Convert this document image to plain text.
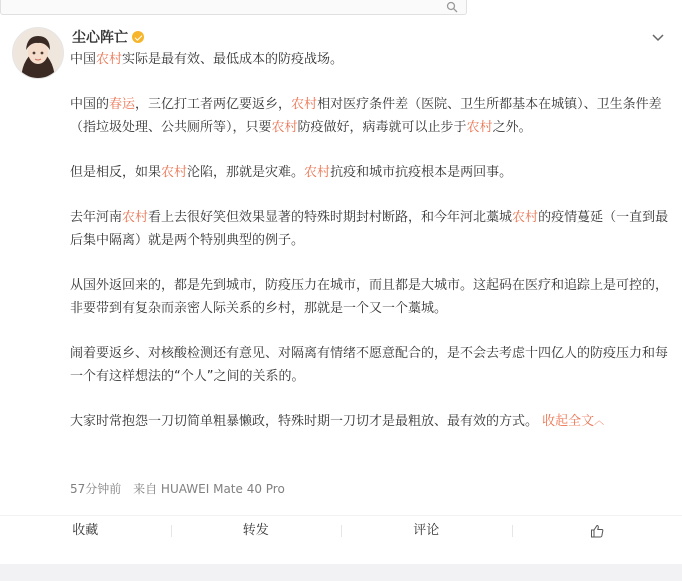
尘心阵亡

中国农村实际是最有效、最低成本的防疫战场。

中国的春运，三亿打工者两亿要返乡，农村相对医疗条件差（医院、卫生所都基本在城镇）、卫生条件差（指垃圾处理、公共厕所等），只要农村防疫做好，病毒就可以止步于农村之外。

但是相反，如果农村沦陷，那就是灾难。农村抗疫和城市抗疫根本是两回事。

去年河南农村看上去很好笑但效果显著的特殊时期封村断路，和今年河北藁城农村的疫情蔓延（一直到最后集中隔离）就是两个特别典型的例子。

从国外返回来的，都是先到城市，防疫压力在城市，而且都是大城市。这起码在医疗和追踪上是可控的，非要带到有复杂而亲密人际关系的乡村，那就是一个又一个藁城。

闹着要返乡、对核酸检测还有意见、对隔离有情绪不愿意配合的，是不会去考虑十四亿人的防疫压力和每一个有这样想法的“个人”之间的关系的。

大家时常抱怨一刀切简单粗暴懒政，特殊时期一刀切才是最粗放、最有效的方式。 收起全文︿

57分钟前 来自 HUAWEI Mate 40 Pro
收藏	转发	评论
